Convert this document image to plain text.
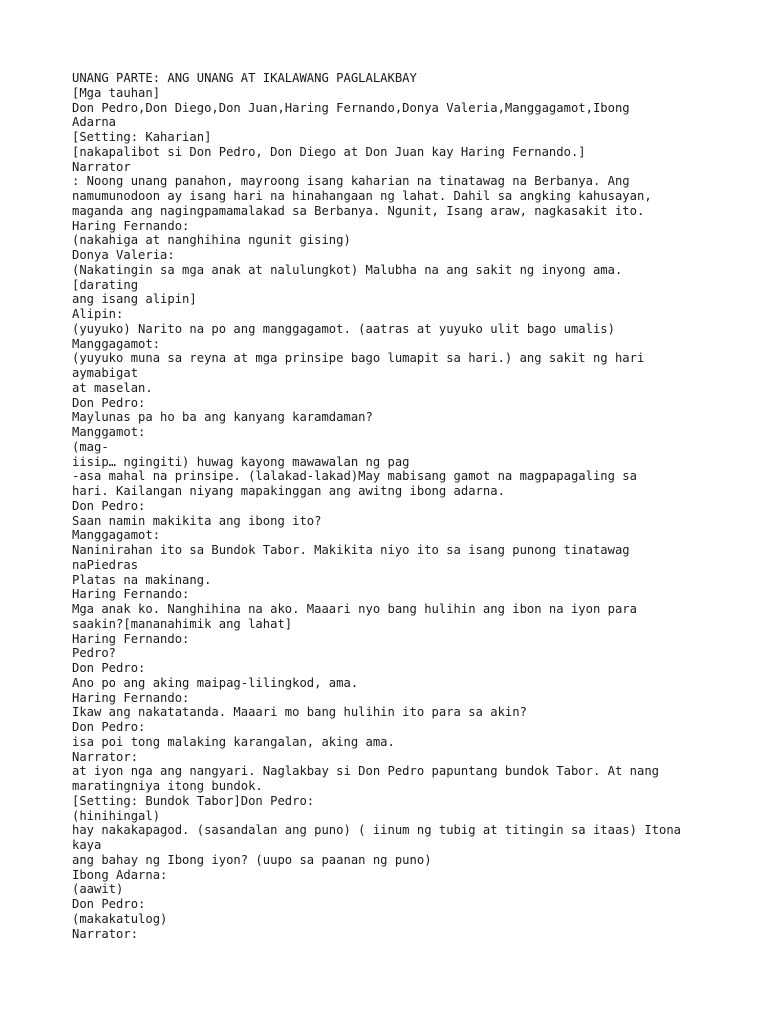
UNANG PARTE: ANG UNANG AT IKALAWANG PAGLALAKBAY
[Mga tauhan]
Don Pedro,Don Diego,Don Juan,Haring Fernando,Donya Valeria,Manggagamot,Ibong
Adarna
[Setting: Kaharian]
[nakapalibot si Don Pedro, Don Diego at Don Juan kay Haring Fernando.]
Narrator
: Noong unang panahon, mayroong isang kaharian na tinatawag na Berbanya. Ang
namumunodoon ay isang hari na hinahangaan ng lahat. Dahil sa angking kahusayan,
maganda ang nagingpamamalakad sa Berbanya. Ngunit, Isang araw, nagkasakit ito.
Haring Fernando:
(nakahiga at nanghihina ngunit gising)
Donya Valeria:
(Nakatingin sa mga anak at nalulungkot) Malubha na ang sakit ng inyong ama.
[darating
ang isang alipin]
Alipin:
(yuyuko) Narito na po ang manggagamot. (aatras at yuyuko ulit bago umalis)
Manggagamot:
(yuyuko muna sa reyna at mga prinsipe bago lumapit sa hari.) ang sakit ng hari
aymabigat
at maselan.
Don Pedro:
Maylunas pa ho ba ang kanyang karamdaman?
Manggamot:
(mag-
iisip… ngingiti) huwag kayong mawawalan ng pag
-asa mahal na prinsipe. (lalakad-lakad)May mabisang gamot na magpapagaling sa
hari. Kailangan niyang mapakinggan ang awitng ibong adarna.
Don Pedro:
Saan namin makikita ang ibong ito?
Manggagamot:
Naninirahan ito sa Bundok Tabor. Makikita niyo ito sa isang punong tinatawag
naPiedras
Platas na makinang.
Haring Fernando:
Mga anak ko. Nanghihina na ako. Maaari nyo bang hulihin ang ibon na iyon para
saakin?[mananahimik ang lahat]
Haring Fernando:
Pedro?
Don Pedro:
Ano po ang aking maipag-lilingkod, ama.
Haring Fernando:
Ikaw ang nakatatanda. Maaari mo bang hulihin ito para sa akin?
Don Pedro:
isa poi tong malaking karangalan, aking ama.
Narrator:
at iyon nga ang nangyari. Naglakbay si Don Pedro papuntang bundok Tabor. At nang
maratingniya itong bundok.
[Setting: Bundok Tabor]Don Pedro:
(hinihingal)
hay nakakapagod. (sasandalan ang puno) ( iinum ng tubig at titingin sa itaas) Itona
kaya
ang bahay ng Ibong iyon? (uupo sa paanan ng puno)
Ibong Adarna:
(aawit)
Don Pedro:
(makakatulog)
Narrator:
